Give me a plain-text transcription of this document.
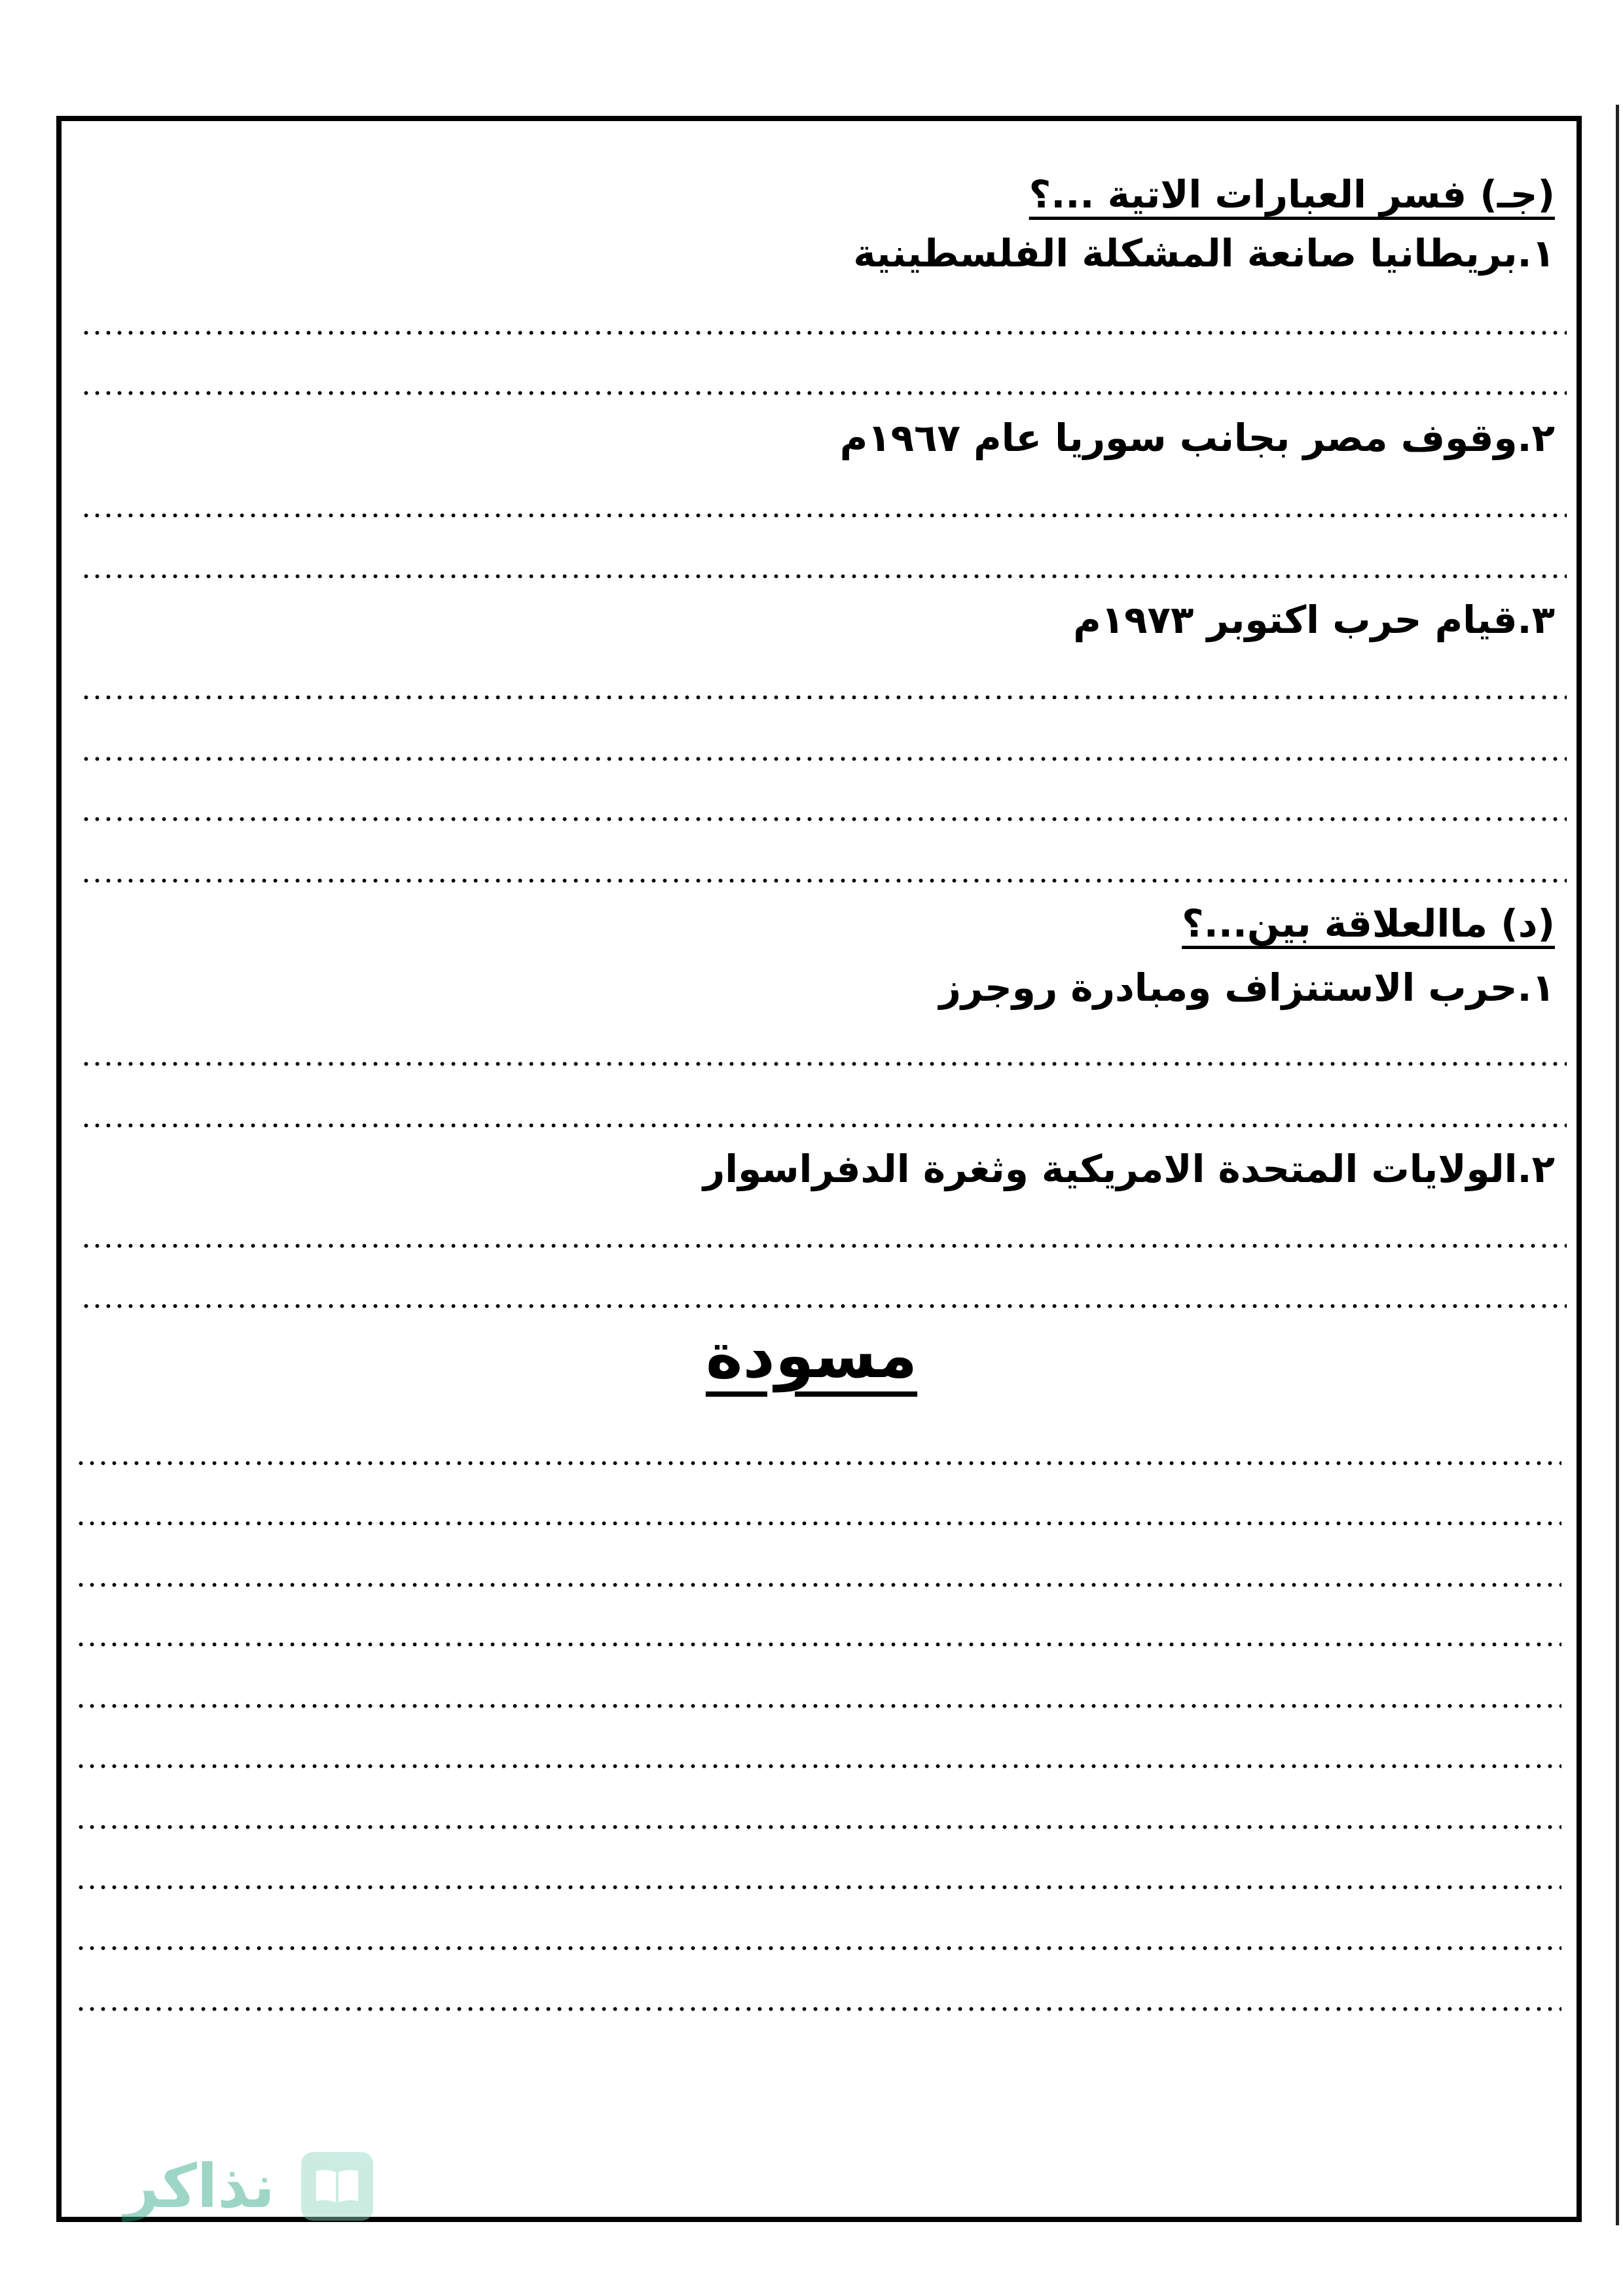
(جـ) فسر العبارات الاتية ...؟
١.بريطانيا صانعة المشكلة الفلسطينية
٢.وقوف مصر بجانب سوريا عام ١٩٦٧م
٣.قيام حرب اكتوبر ١٩٧٣م
(د) ماالعلاقة بين...؟
١.حرب الاستنزاف ومبادرة روجرز
٢.الولايات المتحدة الامريكية وثغرة الدفراسوار
مسودة
نذاكر
